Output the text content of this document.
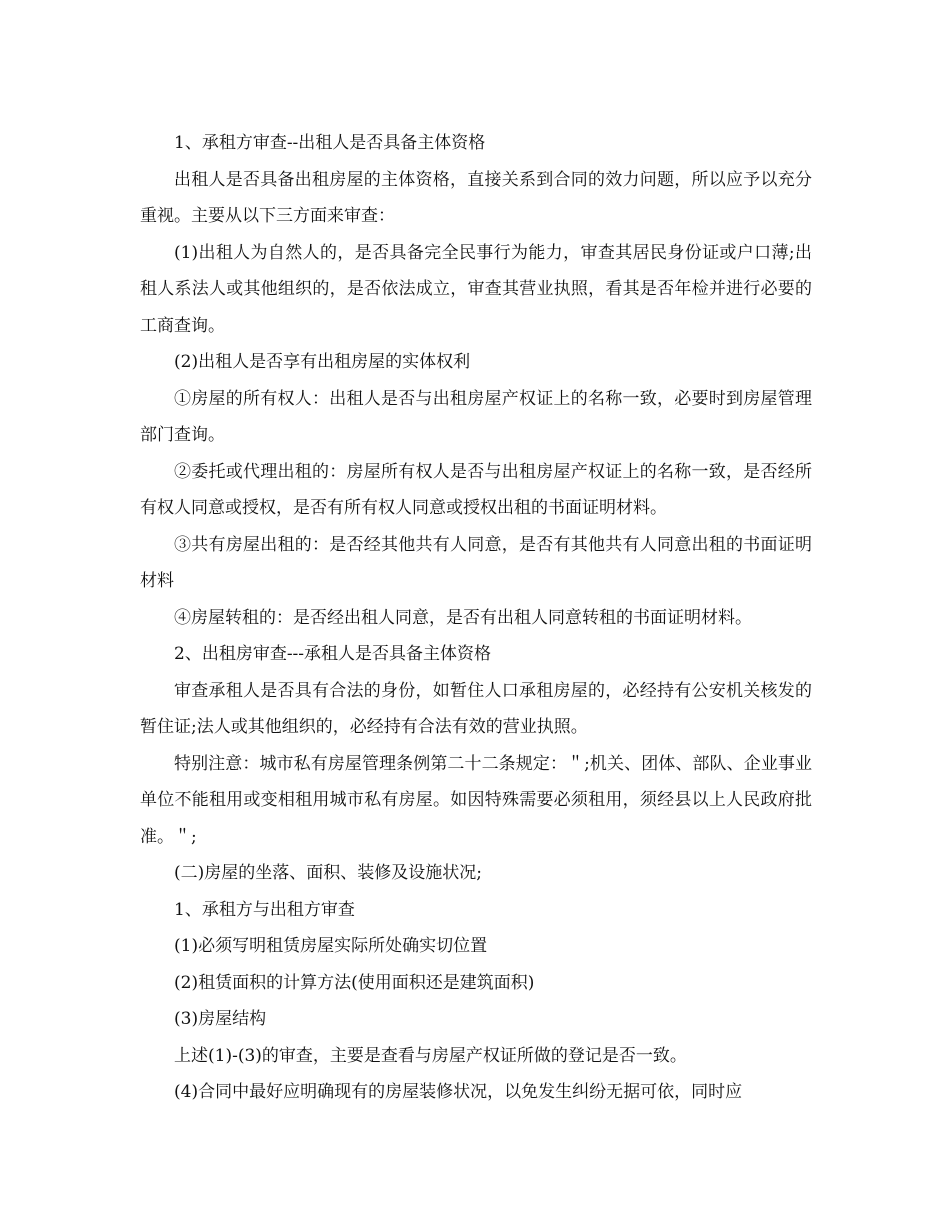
1、承租方审查--出租人是否具备主体资格

出租人是否具备出租房屋的主体资格，直接关系到合同的效力问题，所以应予以充分重视。主要从以下三方面来审查：

(1)出租人为自然人的，是否具备完全民事行为能力，审查其居民身份证或户口薄;出租人系法人或其他组织的，是否依法成立，审查其营业执照，看其是否年检并进行必要的工商查询。

(2)出租人是否享有出租房屋的实体权利

①房屋的所有权人：出租人是否与出租房屋产权证上的名称一致，必要时到房屋管理部门查询。

②委托或代理出租的：房屋所有权人是否与出租房屋产权证上的名称一致，是否经所有权人同意或授权，是否有所有权人同意或授权出租的书面证明材料。

③共有房屋出租的：是否经其他共有人同意，是否有其他共有人同意出租的书面证明材料

④房屋转租的：是否经出租人同意，是否有出租人同意转租的书面证明材料。

2、出租房审查---承租人是否具备主体资格

审查承租人是否具有合法的身份，如暂住人口承租房屋的，必经持有公安机关核发的暂住证;法人或其他组织的，必经持有合法有效的营业执照。

特别注意：城市私有房屋管理条例第二十二条规定：＂;机关、团体、部队、企业事业单位不能租用或变相租用城市私有房屋。如因特殊需要必须租用，须经县以上人民政府批准。＂;

(二)房屋的坐落、面积、装修及设施状况;

1、承租方与出租方审查

(1)必须写明租赁房屋实际所处确实切位置

(2)租赁面积的计算方法(使用面积还是建筑面积)

(3)房屋结构

上述(1)-(3)的审查，主要是查看与房屋产权证所做的登记是否一致。

(4)合同中最好应明确现有的房屋装修状况，以免发生纠纷无据可依，同时应
